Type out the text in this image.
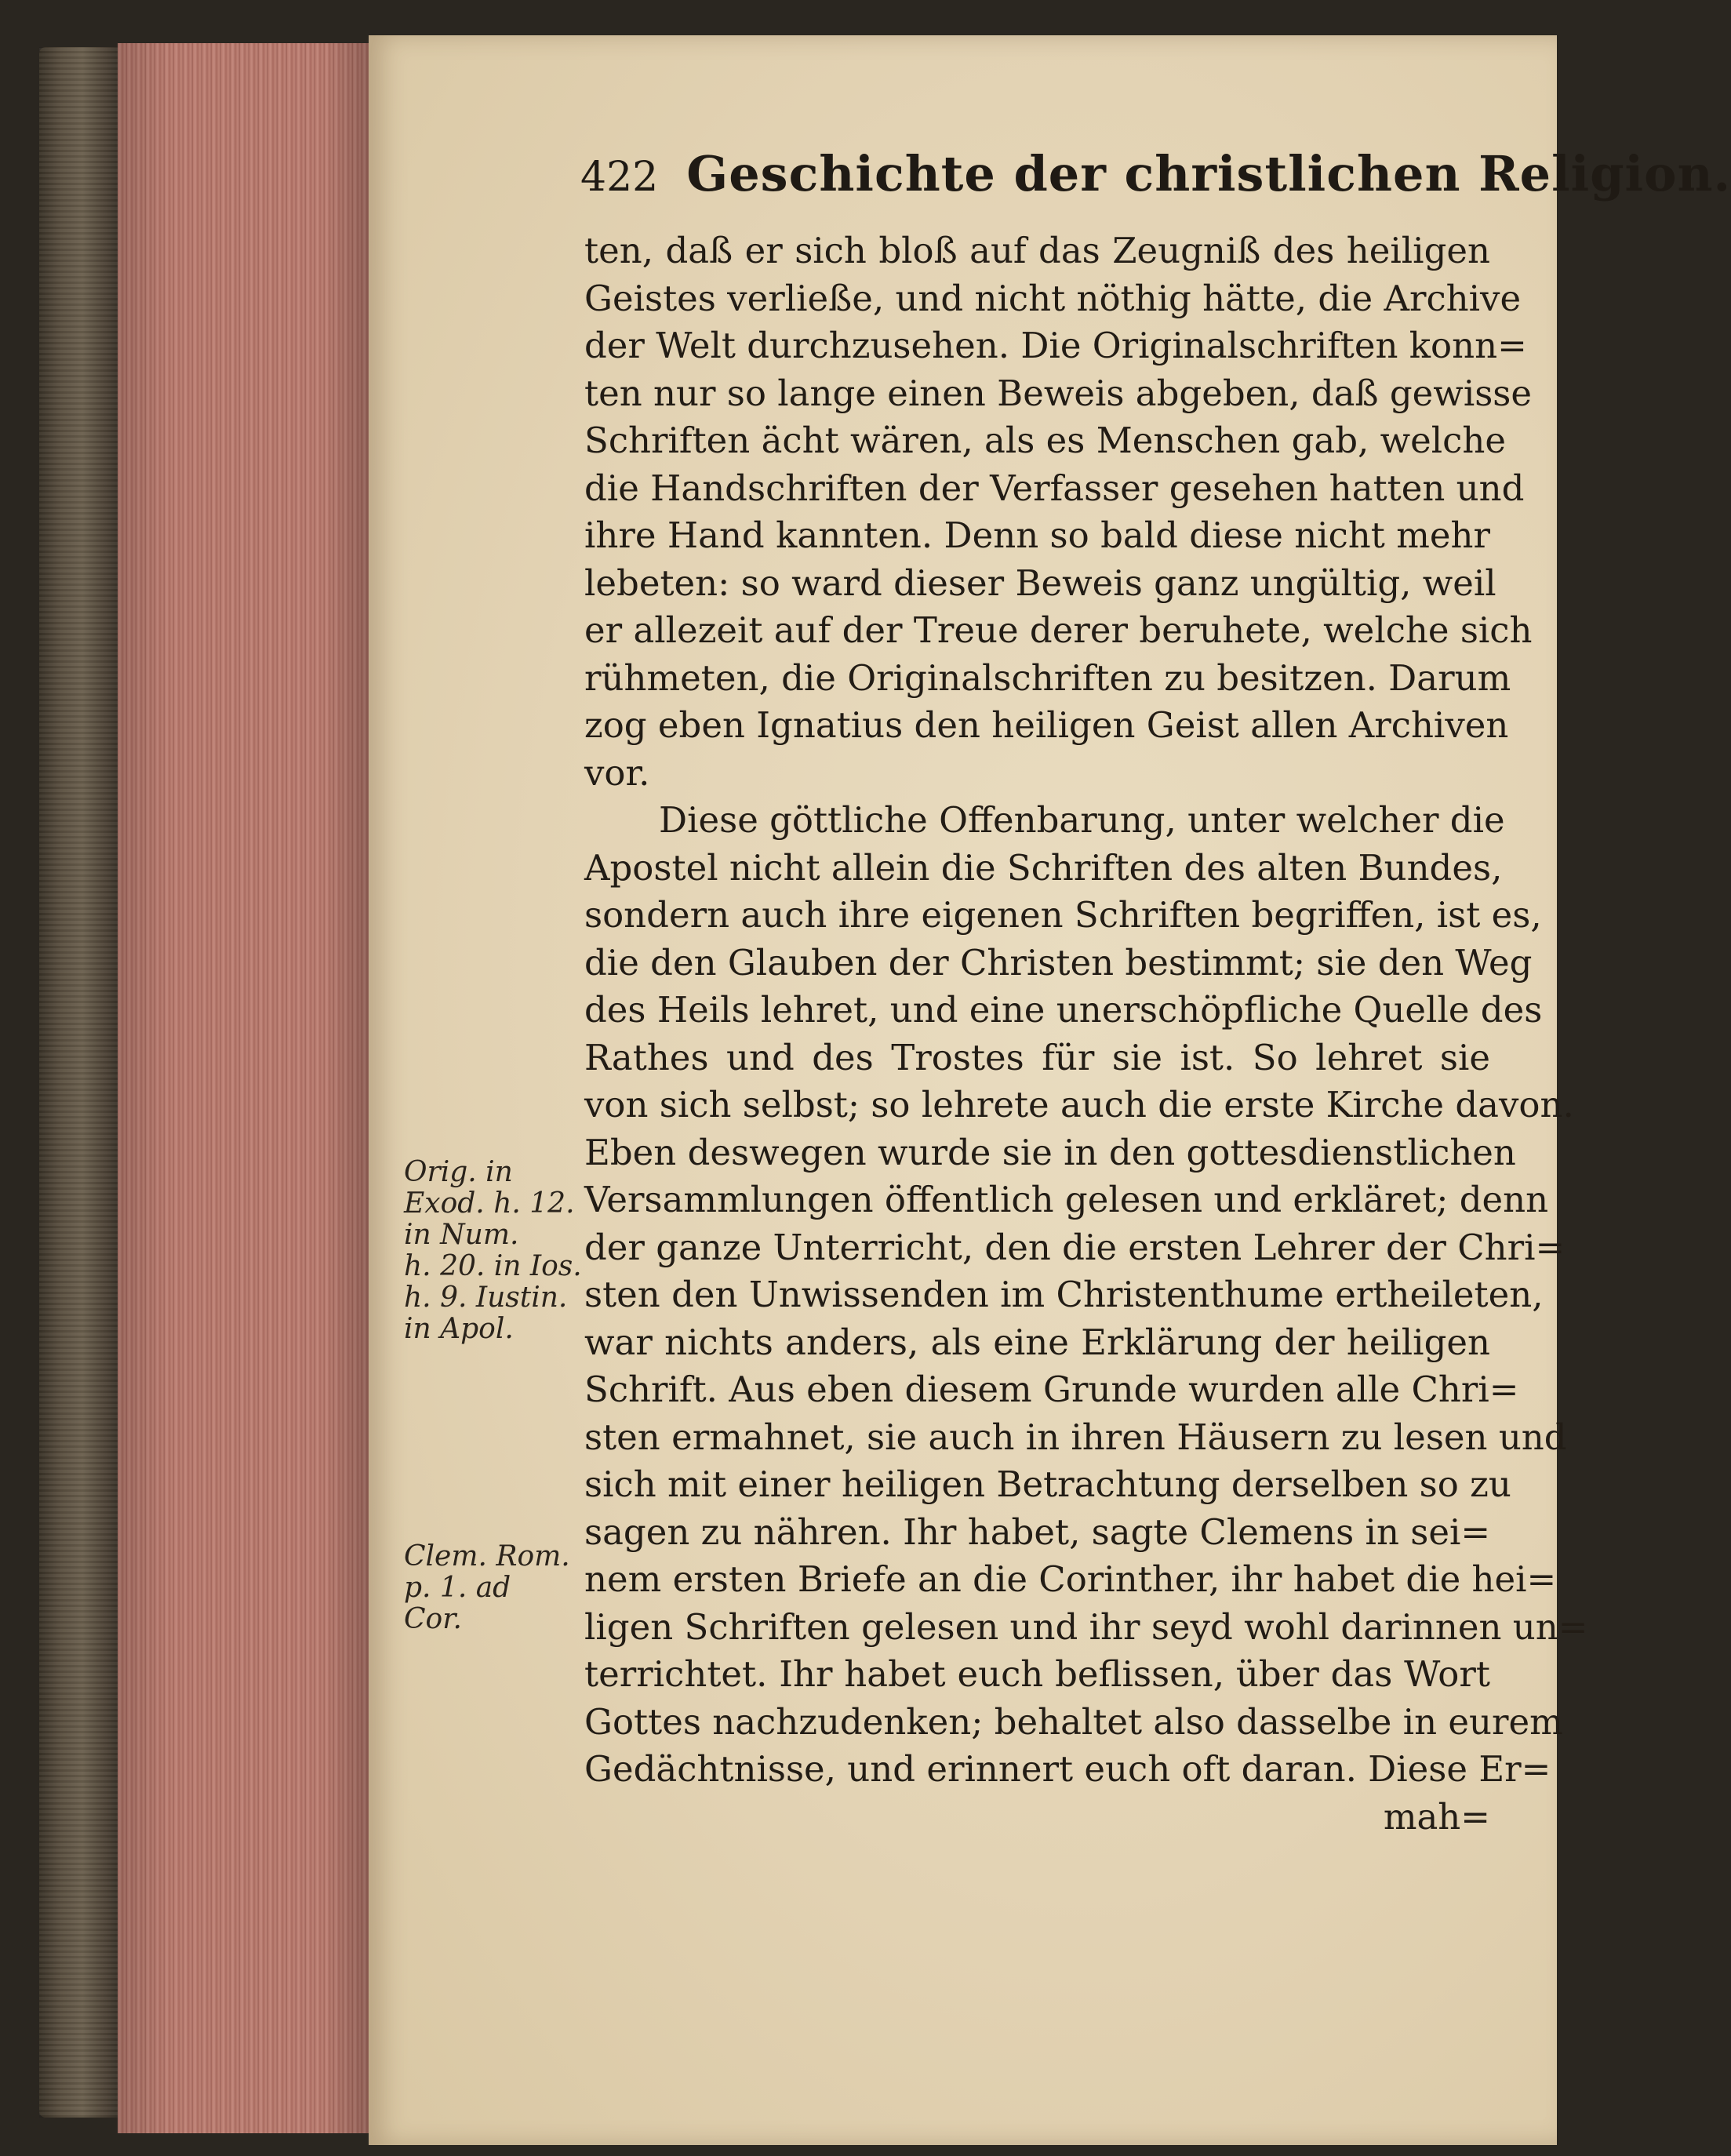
422 Geschichte der christlichen Religion.
ten, daß er sich bloß auf das Zeugniß des heiligen
Geistes verließe, und nicht nöthig hätte, die Archive
der Welt durchzusehen. Die Originalschriften konn=
ten nur so lange einen Beweis abgeben, daß gewisse
Schriften ächt wären, als es Menschen gab, welche
die Handschriften der Verfasser gesehen hatten und
ihre Hand kannten. Denn so bald diese nicht mehr
lebeten: so ward dieser Beweis ganz ungültig, weil
er allezeit auf der Treue derer beruhete, welche sich
rühmeten, die Originalschriften zu besitzen. Darum
zog eben Ignatius den heiligen Geist allen Archiven
vor.
Diese göttliche Offenbarung, unter welcher die
Apostel nicht allein die Schriften des alten Bundes,
sondern auch ihre eigenen Schriften begriffen, ist es,
die den Glauben der Christen bestimmt; sie den Weg
des Heils lehret, und eine unerschöpfliche Quelle des
Rathes und des Trostes für sie ist. So lehret sie
von sich selbst; so lehrete auch die erste Kirche davon.
Eben deswegen wurde sie in den gottesdienstlichen
Versammlungen öffentlich gelesen und erkläret; denn
der ganze Unterricht, den die ersten Lehrer der Chri=
sten den Unwissenden im Christenthume ertheileten,
war nichts anders, als eine Erklärung der heiligen
Schrift. Aus eben diesem Grunde wurden alle Chri=
sten ermahnet, sie auch in ihren Häusern zu lesen und
sich mit einer heiligen Betrachtung derselben so zu
sagen zu nähren. Ihr habet, sagte Clemens in sei=
nem ersten Briefe an die Corinther, ihr habet die hei=
ligen Schriften gelesen und ihr seyd wohl darinnen un=
terrichtet. Ihr habet euch beflissen, über das Wort
Gottes nachzudenken; behaltet also dasselbe in eurem
Gedächtnisse, und erinnert euch oft daran. Diese Er=
mah=
Orig. in
Exod. h. 12.
in Num.
h. 20. in Ios.
h. 9. Iustin.
in Apol.
Clem. Rom.
p. 1. ad
Cor.
